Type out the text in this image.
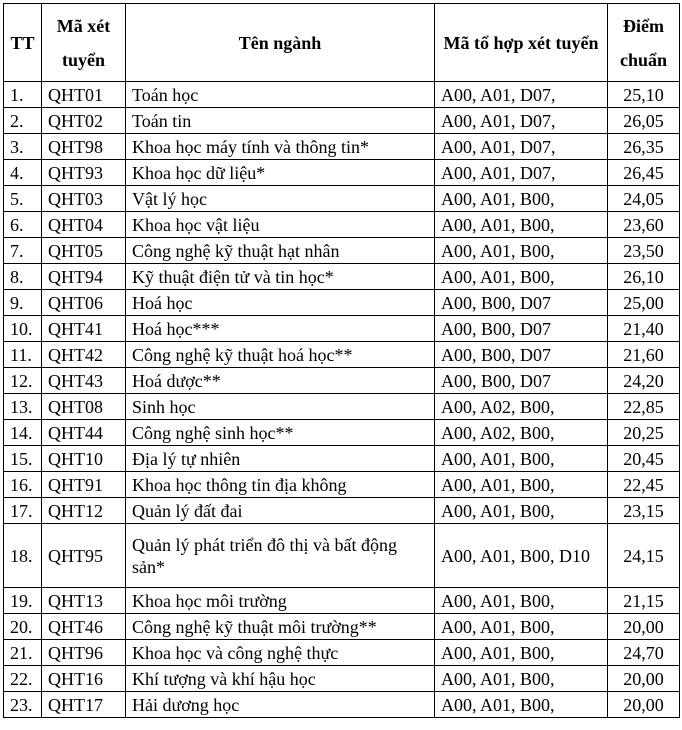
TT	Mã xét tuyển	Tên ngành	Mã tổ hợp xét tuyển	Điểm chuẩn

1.	QHT01	Toán học	A00, A01, D07,	25,10

2.	QHT02	Toán tin	A00, A01, D07,	26,05

3.	QHT98	Khoa học máy tính và thông tin*	A00, A01, D07,	26,35

4.	QHT93	Khoa học dữ liệu*	A00, A01, D07,	26,45

5.	QHT03	Vật lý học	A00, A01, B00,	24,05

6.	QHT04	Khoa học vật liệu	A00, A01, B00,	23,60

7.	QHT05	Công nghệ kỹ thuật hạt nhân	A00, A01, B00,	23,50

8.	QHT94	Kỹ thuật điện tử và tin học*	A00, A01, B00,	26,10

9.	QHT06	Hoá học	A00, B00, D07	25,00

10.	QHT41	Hoá học***	A00, B00, D07	21,40

11.	QHT42	Công nghệ kỹ thuật hoá học**	A00, B00, D07	21,60

12.	QHT43	Hoá dược**	A00, B00, D07	24,20

13.	QHT08	Sinh học	A00, A02, B00,	22,85

14.	QHT44	Công nghệ sinh học**	A00, A02, B00,	20,25

15.	QHT10	Địa lý tự nhiên	A00, A01, B00,	20,45

16.	QHT91	Khoa học thông tin địa không	A00, A01, B00,	22,45

17.	QHT12	Quản lý đất đai	A00, A01, B00,	23,15

18.	QHT95	Quản lý phát triển đô thị và bất động sản*	A00, A01, B00, D10	24,15

19.	QHT13	Khoa học môi trường	A00, A01, B00,	21,15

20.	QHT46	Công nghệ kỹ thuật môi trường**	A00, A01, B00,	20,00

21.	QHT96	Khoa học và công nghệ thực	A00, A01, B00,	24,70

22.	QHT16	Khí tượng và khí hậu học	A00, A01, B00,	20,00

23.	QHT17	Hải dương học	A00, A01, B00,	20,00
